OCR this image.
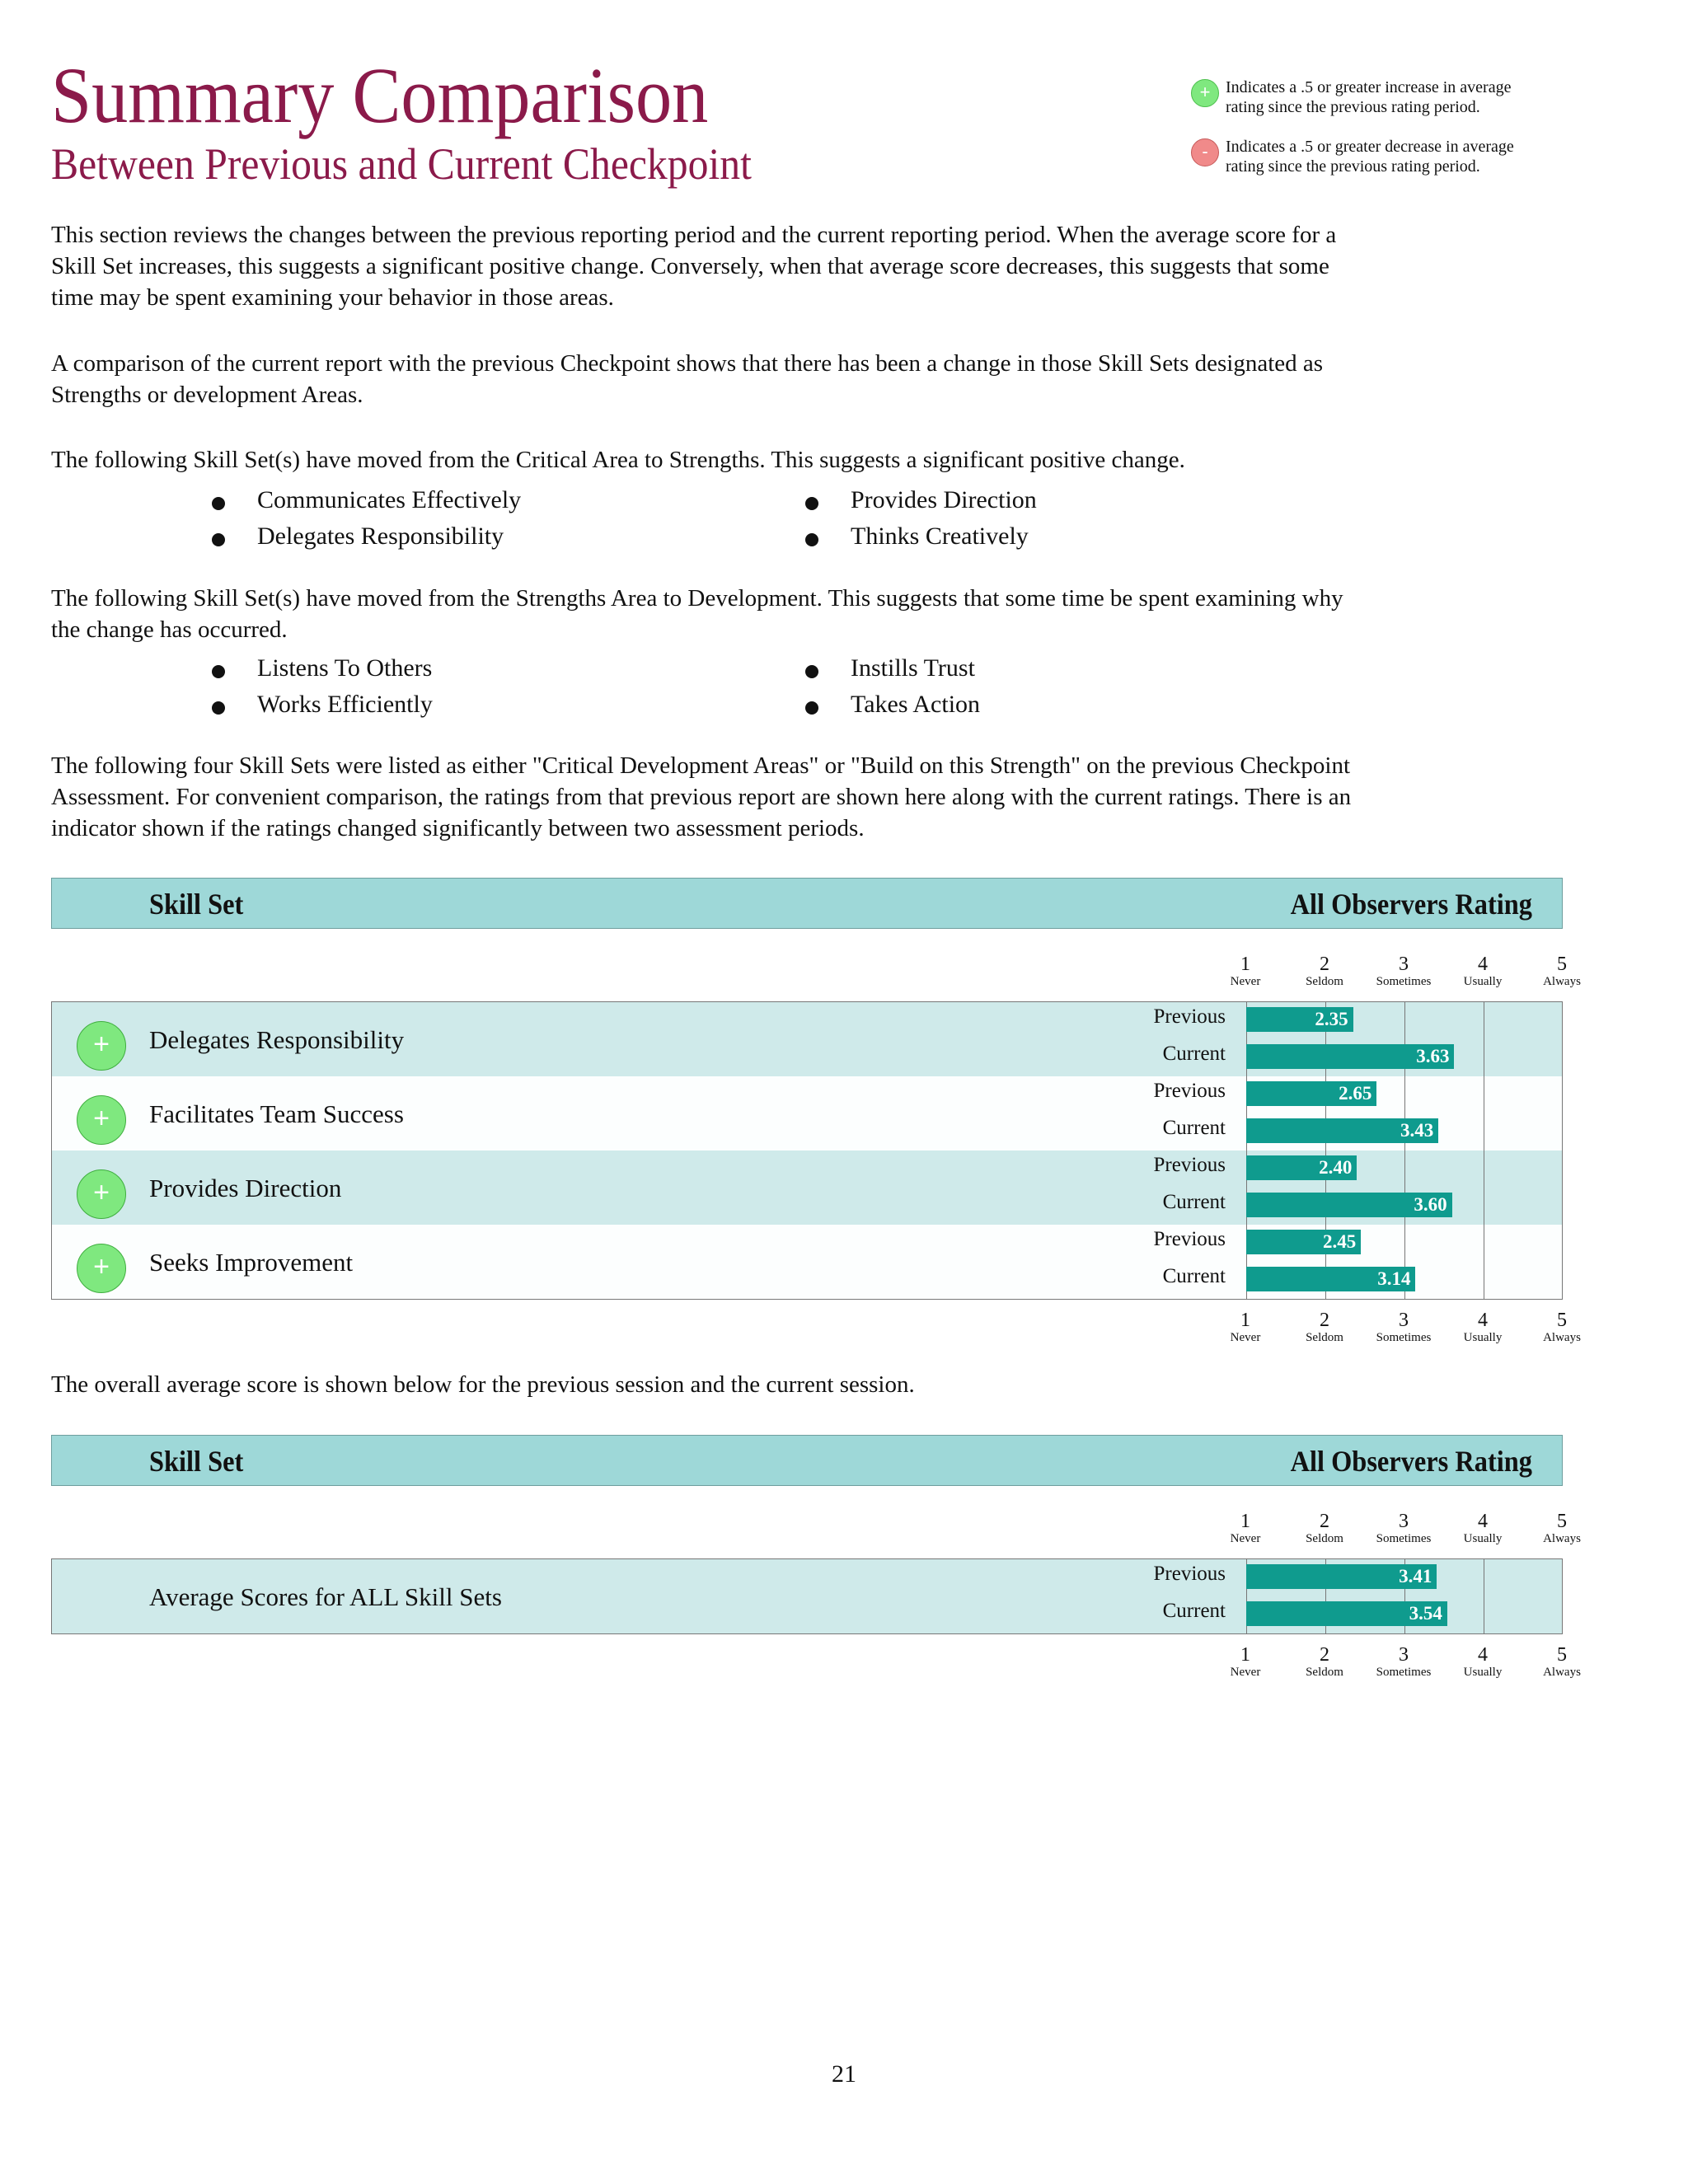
Summary Comparison
Between Previous and Current Checkpoint
+ Indicates a .5 or greater increase in average
rating since the previous rating period.
-	Indicates a .5 or greater decrease in average
rating since the previous rating period.
This section reviews the changes between the previous reporting period and the current reporting period. When the average score for a
Skill Set increases, this suggests a significant positive change. Conversely, when that average score decreases, this suggests that some
time may be spent examining your behavior in those areas.
A comparison of the current report with the previous Checkpoint shows that there has been a change in those Skill Sets designated as
Strengths or development Areas.
The following Skill Set(s) have moved from the Critical Area to Strengths. This suggests a significant positive change.
Communicates Effectively	Provides Direction
Delegates Responsibility	Thinks Creatively
The following Skill Set(s) have moved from the Strengths Area to Development. This suggests that some time be spent examining why
the change has occurred.
Listens To Others	Instills Trust
Works Efficiently	Takes Action
The following four Skill Sets were listed as either "Critical Development Areas" or "Build on this Strength" on the previous Checkpoint
Assessment. For convenient comparison, the ratings from that previous report are shown here along with the current ratings. There is an
indicator shown if the ratings changed significantly between two assessment periods.
Skill Set	All Observers Rating
1
Never
2
Seldom
3
Sometimes
4
Usually
5
Always
+	Delegates Responsibility
Previous	2.35
Current	3.63
+	Facilitates Team Success
Previous	2.65
Current	3.43
+	Provides Direction
Previous	2.40
Current	3.60
+	Seeks Improvement
Previous	2.45
Current	3.14
1
Never
2
Seldom
3
Sometimes
4
Usually
5
Always
The overall average score is shown below for the previous session and the current session.
Skill Set	All Observers Rating
1
Never
2
Seldom
3
Sometimes
4
Usually
5
Always
Average Scores for ALL Skill Sets
Previous	3.41
Current	3.54
1
Never
2
Seldom
3
Sometimes
4
Usually
5
Always
21
